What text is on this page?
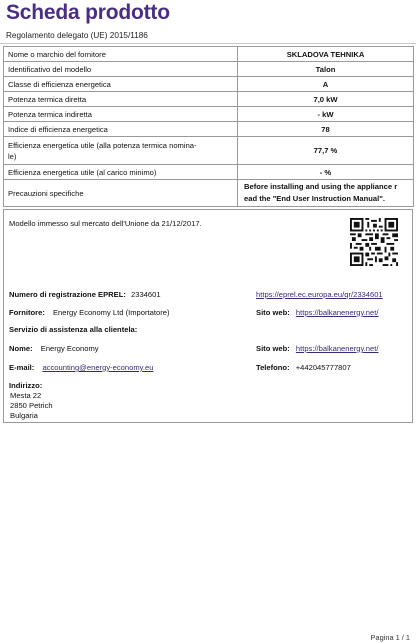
Scheda prodotto
Regolamento delegato (UE) 2015/1186
Nome o marchio del fornitore	SKLADOVA TEHNIKA
Identificativo del modello	Talon
Classe di efficienza energetica	A
Potenza termica diretta	7,0 kW
Potenza termica indiretta	- kW
Indice di efficienza energetica	78

Efficienza energetica utile (alla potenza termica nomina-
le)	77,7 %
Efficienza energetica utile (al carico minimo)	- %
Precauzioni specifiche	Before installing and using the appliance r
ead the "End User Instruction Manual".
Modello immesso sul mercato dell'Unione da 21/12/2017.
Numero di registrazione EPREL: 2334601	https://eprel.ec.europa.eu/qr/2334601
Fornitore: Energy Economy Ltd (Importatore)	Sito web: https://balkanenergy.net/
Servizio di assistenza alla clientela:
Nome: Energy Economy	Sito web: https://balkanenergy.net/
E-mail: accounting@energy-economy.eu	Telefono: +442045777807
Indirizzo:
Mesta 22
2850 Petrich
Bulgaria
Pagina 1 / 1
